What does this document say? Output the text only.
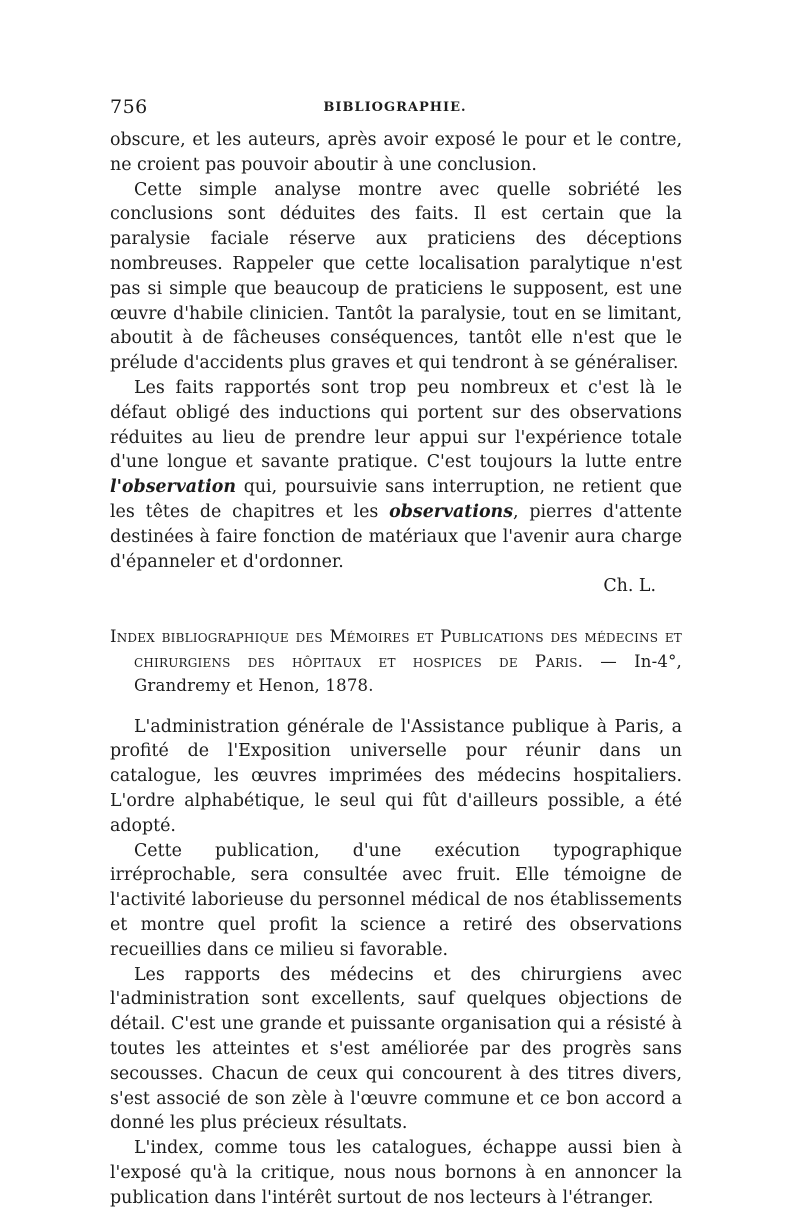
756	BIBLIOGRAPHIE.

obscure, et les auteurs, après avoir exposé le pour et le contre, ne croient pas pouvoir aboutir à une conclusion.

Cette simple analyse montre avec quelle sobriété les conclusions sont déduites des faits. Il est certain que la paralysie faciale réserve aux praticiens des déceptions nombreuses. Rappeler que cette localisation paralytique n'est pas si simple que beaucoup de praticiens le supposent, est une œuvre d'habile clinicien. Tantôt la paralysie, tout en se limitant, aboutit à de fâcheuses conséquences, tantôt elle n'est que le prélude d'accidents plus graves et qui tendront à se généraliser.

Les faits rapportés sont trop peu nombreux et c'est là le défaut obligé des inductions qui portent sur des observations réduites au lieu de prendre leur appui sur l'expérience totale d'une longue et savante pratique. C'est toujours la lutte entre l'observation qui, poursuivie sans interruption, ne retient que les têtes de chapitres et les observations, pierres d'attente destinées à faire fonction de matériaux que l'avenir aura charge d'épanneler et d'ordonner.

Ch. L.

Index bibliographique des Mémoires et Publications des médecins et chirurgiens des hôpitaux et hospices de Paris. — In-4°, Grandremy et Henon, 1878.

L'administration générale de l'Assistance publique à Paris, a profité de l'Exposition universelle pour réunir dans un catalogue, les œuvres imprimées des médecins hospitaliers. L'ordre alphabétique, le seul qui fût d'ailleurs possible, a été adopté.

Cette publication, d'une exécution typographique irréprochable, sera consultée avec fruit. Elle témoigne de l'activité laborieuse du personnel médical de nos établissements et montre quel profit la science a retiré des observations recueillies dans ce milieu si favorable.

Les rapports des médecins et des chirurgiens avec l'administration sont excellents, sauf quelques objections de détail. C'est une grande et puissante organisation qui a résisté à toutes les atteintes et s'est améliorée par des progrès sans secousses. Chacun de ceux qui concourent à des titres divers, s'est associé de son zèle à l'œuvre commune et ce bon accord a donné les plus précieux résultats.

L'index, comme tous les catalogues, échappe aussi bien à l'exposé qu'à la critique, nous nous bornons à en annoncer la publication dans l'intérêt surtout de nos lecteurs à l'étranger.
